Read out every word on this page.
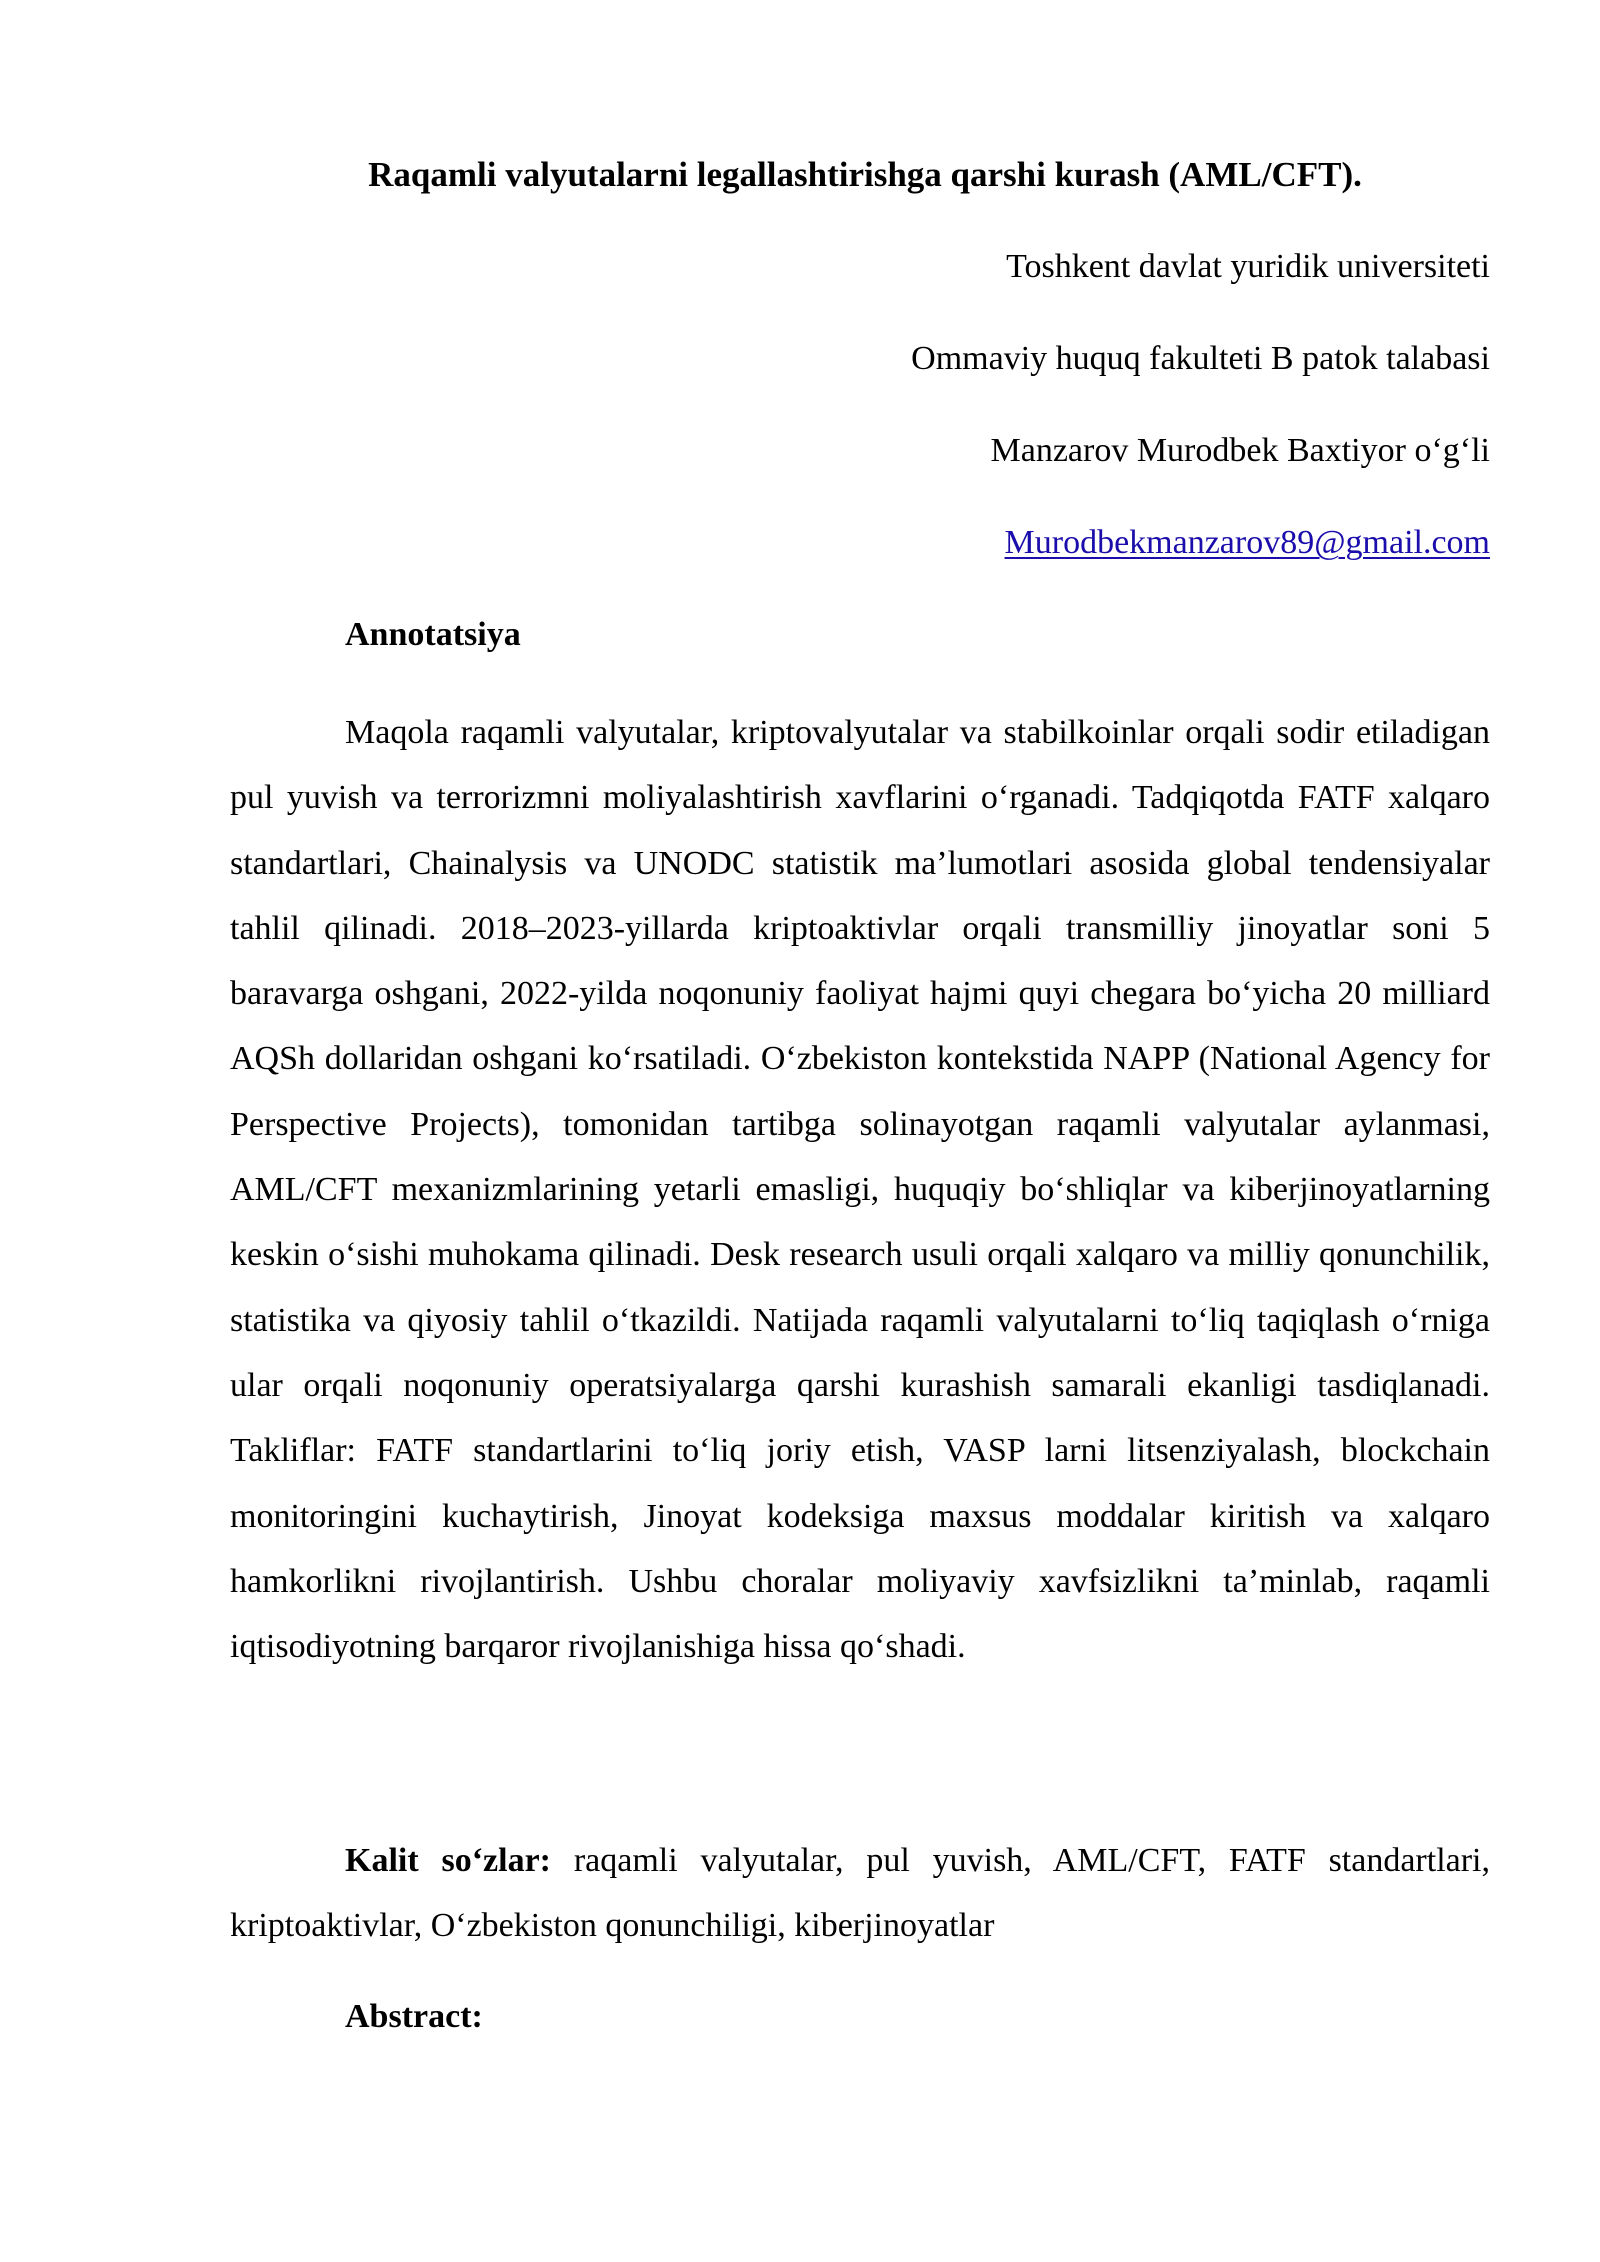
Raqamli valyutalarni legallashtirishga qarshi kurash (AML/CFT).

Toshkent davlat yuridik universiteti

Ommaviy huquq fakulteti B patok talabasi

Manzarov Murodbek Baxtiyor o‘g‘li

Murodbekmanzarov89@gmail.com

Annotatsiya

Maqola raqamli valyutalar, kriptovalyutalar va stabilkoinlar orqali sodir etiladigan pul yuvish va terrorizmni moliyalashtirish xavflarini o‘rganadi. Tadqiqotda FATF xalqaro standartlari, Chainalysis va UNODC statistik ma’lumotlari asosida global tendensiyalar tahlil qilinadi. 2018–2023-yillarda kriptoaktivlar orqali transmilliy jinoyatlar soni 5 baravarga oshgani, 2022-yilda noqonuniy faoliyat hajmi quyi chegara bo‘yicha 20 milliard AQSh dollaridan oshgani ko‘rsatiladi. O‘zbekiston kontekstida NAPP (National Agency for Perspective Projects), tomonidan tartibga solinayotgan raqamli valyutalar aylanmasi, AML/CFT mexanizmlarining yetarli emasligi, huquqiy bo‘shliqlar va kiberjinoyatlarning keskin o‘sishi muhokama qilinadi. Desk research usuli orqali xalqaro va milliy qonunchilik, statistika va qiyosiy tahlil o‘tkazildi. Natijada raqamli valyutalarni to‘liq taqiqlash o‘rniga ular orqali noqonuniy operatsiyalarga qarshi kurashish samarali ekanligi tasdiqlanadi. Takliflar: FATF standartlarini to‘liq joriy etish, VASP larni litsenziyalash, blockchain monitoringini kuchaytirish, Jinoyat kodeksiga maxsus moddalar kiritish va xalqaro hamkorlikni rivojlantirish. Ushbu choralar moliyaviy xavfsizlikni ta’minlab, raqamli iqtisodiyotning barqaror rivojlanishiga hissa qo‘shadi.

Kalit so‘zlar: raqamli valyutalar, pul yuvish, AML/CFT, FATF standartlari, kriptoaktivlar, O‘zbekiston qonunchiligi, kiberjinoyatlar

Abstract:
